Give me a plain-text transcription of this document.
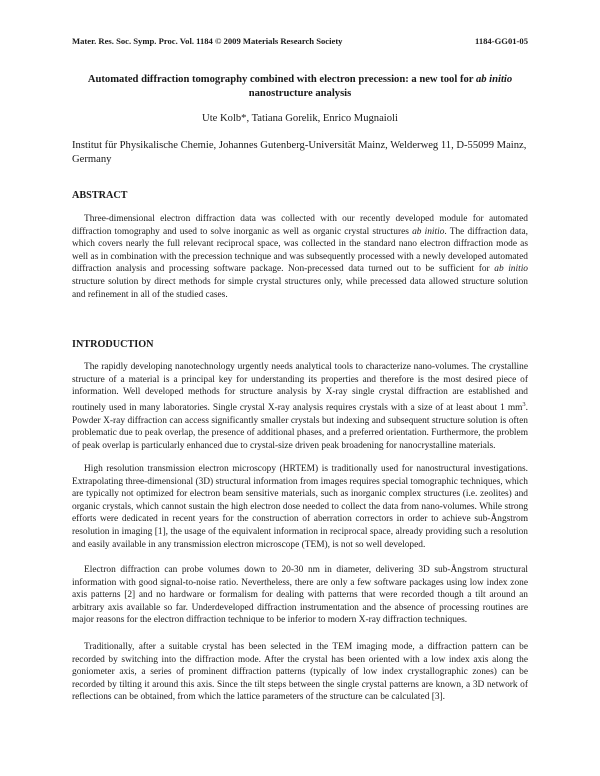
Mater. Res. Soc. Symp. Proc. Vol. 1184 © 2009 Materials Research Society	1184-GG01-05
Automated diffraction tomography combined with electron precession: a new tool for ab initio nanostructure analysis
Ute Kolb*, Tatiana Gorelik, Enrico Mugnaioli
Institut für Physikalische Chemie, Johannes Gutenberg-Universität Mainz, Welderweg 11, D-55099 Mainz, Germany
ABSTRACT
Three-dimensional electron diffraction data was collected with our recently developed module for automated diffraction tomography and used to solve inorganic as well as organic crystal structures ab initio. The diffraction data, which covers nearly the full relevant reciprocal space, was collected in the standard nano electron diffraction mode as well as in combination with the precession technique and was subsequently processed with a newly developed automated diffraction analysis and processing software package. Non-precessed data turned out to be sufficient for ab initio structure solution by direct methods for simple crystal structures only, while precessed data allowed structure solution and refinement in all of the studied cases.
INTRODUCTION
The rapidly developing nanotechnology urgently needs analytical tools to characterize nano-volumes. The crystalline structure of a material is a principal key for understanding its properties and therefore is the most desired piece of information. Well developed methods for structure analysis by X-ray single crystal diffraction are established and routinely used in many laboratories. Single crystal X-ray analysis requires crystals with a size of at least about 1 $mm^3$. Powder X-ray diffraction can access significantly smaller crystals but indexing and subsequent structure solution is often problematic due to peak overlap, the presence of additional phases, and a preferred orientation. Furthermore, the problem of peak overlap is particularly enhanced due to crystal-size driven peak broadening for nanocrystalline materials.
High resolution transmission electron microscopy (HRTEM) is traditionally used for nanostructural investigations. Extrapolating three-dimensional (3D) structural information from images requires special tomographic techniques, which are typically not optimized for electron beam sensitive materials, such as inorganic complex structures (i.e. zeolites) and organic crystals, which cannot sustain the high electron dose needed to collect the data from nano-volumes. While strong efforts were dedicated in recent years for the construction of aberration correctors in order to achieve sub-Ångstrom resolution in imaging [1], the usage of the equivalent information in reciprocal space, already providing such a resolution and easily available in any transmission electron microscope (TEM), is not so well developed.
Electron diffraction can probe volumes down to 20-30 nm in diameter, delivering 3D sub-Ångstrom structural information with good signal-to-noise ratio. Nevertheless, there are only a few software packages using low index zone axis patterns [2] and no hardware or formalism for dealing with patterns that were recorded though a tilt around an arbitrary axis available so far. Underdeveloped diffraction instrumentation and the absence of processing routines are major reasons for the electron diffraction technique to be inferior to modern X-ray diffraction techniques.
Traditionally, after a suitable crystal has been selected in the TEM imaging mode, a diffraction pattern can be recorded by switching into the diffraction mode. After the crystal has been oriented with a low index axis along the goniometer axis, a series of prominent diffraction patterns (typically of low index crystallographic zones) can be recorded by tilting it around this axis. Since the tilt steps between the single crystal patterns are known, a 3D network of reflections can be obtained, from which the lattice parameters of the structure can be calculated [3].
